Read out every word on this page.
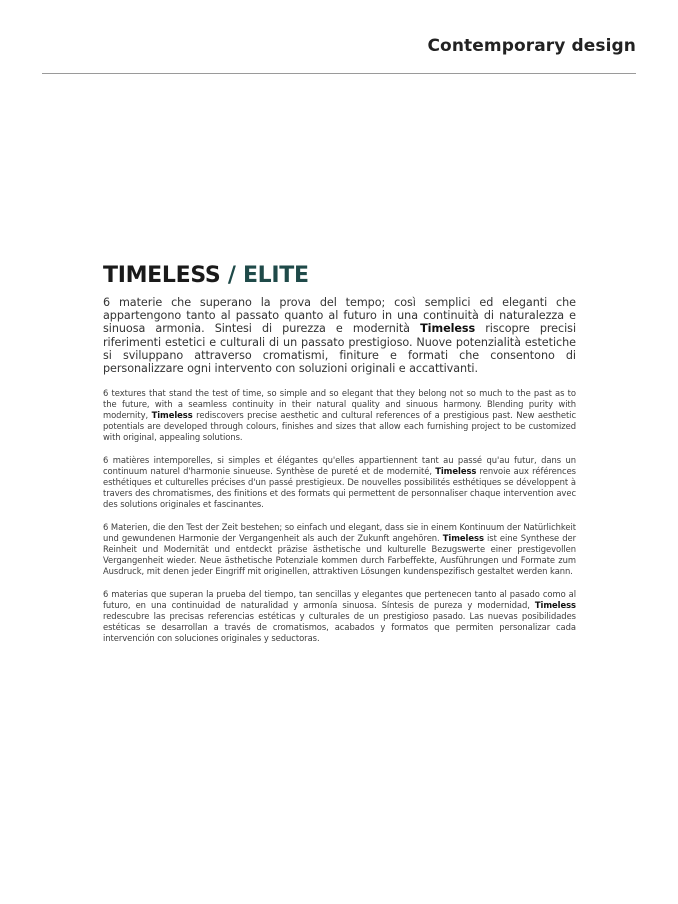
Contemporary design
TIMELESS / ELITE

6 materie che superano la prova del tempo; così semplici ed eleganti che appartengono tanto al passato quanto al futuro in una continuità di naturalezza e sinuosa armonia. Sintesi di purezza e modernità Timeless riscopre precisi riferimenti estetici e culturali di un passato prestigioso. Nuove potenzialità estetiche si sviluppano attraverso cromatismi, finiture e formati che consentono di personalizzare ogni intervento con soluzioni originali e accattivanti.

6 textures that stand the test of time, so simple and so elegant that they belong not so much to the past as to the future, with a seamless continuity in their natural quality and sinuous harmony. Blending purity with modernity, Timeless rediscovers precise aesthetic and cultural references of a prestigious past. New aesthetic potentials are developed through colours, finishes and sizes that allow each furnishing project to be customized with original, appealing solutions.

6 matières intemporelles, si simples et élégantes qu'elles appartiennent tant au passé qu'au futur, dans un continuum naturel d'harmonie sinueuse. Synthèse de pureté et de modernité, Timeless renvoie aux références esthétiques et culturelles précises d'un passé prestigieux. De nouvelles possibilités esthétiques se développent à travers des chromatismes, des finitions et des formats qui permettent de personnaliser chaque intervention avec des solutions originales et fascinantes.

6 Materien, die den Test der Zeit bestehen; so einfach und elegant, dass sie in einem Kontinuum der Natürlichkeit und gewundenen Harmonie der Vergangenheit als auch der Zukunft angehören. Timeless ist eine Synthese der Reinheit und Modernität und entdeckt präzise ästhetische und kulturelle Bezugswerte einer prestigevollen Vergangenheit wieder. Neue ästhetische Potenziale kommen durch Farbeffekte, Ausführungen und Formate zum Ausdruck, mit denen jeder Eingriff mit originellen, attraktiven Lösungen kundenspezifisch gestaltet werden kann.

6 materias que superan la prueba del tiempo, tan sencillas y elegantes que pertenecen tanto al pasado como al futuro, en una continuidad de naturalidad y armonía sinuosa. Síntesis de pureza y modernidad, Timeless redescubre las precisas referencias estéticas y culturales de un prestigioso pasado. Las nuevas posibilidades estéticas se desarrollan a través de cromatismos, acabados y formatos que permiten personalizar cada intervención con soluciones originales y seductoras.
